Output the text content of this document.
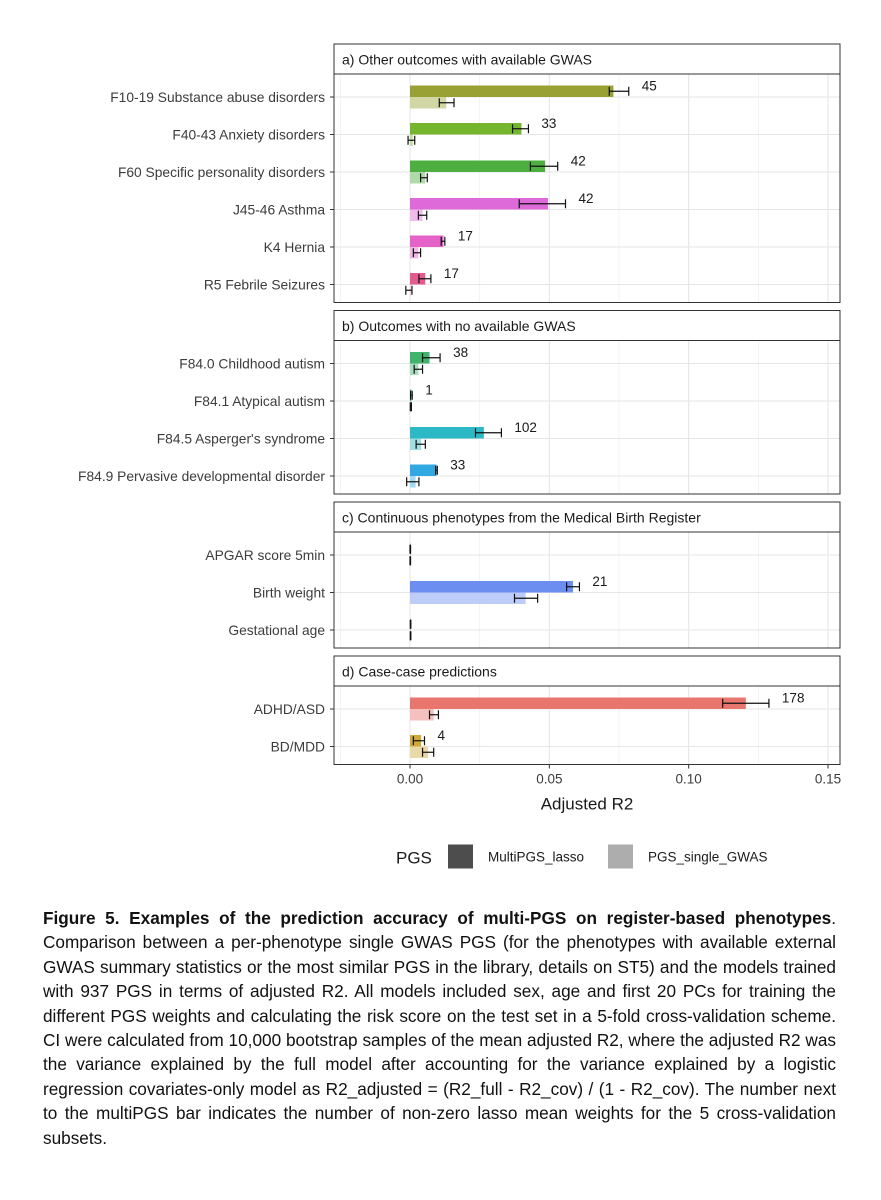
a) Other outcomes with available GWAS
45
F10-19 Substance abuse disorders
33
F40-43 Anxiety disorders
42
F60 Specific personality disorders
42
J45-46 Asthma
17
K4 Hernia
17
R5 Febrile Seizures
b) Outcomes with no available GWAS
38
F84.0 Childhood autism
1
F84.1 Atypical autism
102
F84.5 Asperger's syndrome
33
F84.9 Pervasive developmental disorder
c) Continuous phenotypes from the Medical Birth Register
APGAR score 5min
21
Birth weight
Gestational age
d) Case-case predictions
178
ADHD/ASD
4
BD/MDD
0.00	0.05	0.10	0.15
Adjusted R2
PGS	MultiPGS_lasso	PGS_single_GWAS
Figure 5. Examples of the prediction accuracy of multi-PGS on register-based phenotypes. Comparison between a per-phenotype single GWAS PGS (for the phenotypes with available external GWAS summary statistics or the most similar PGS in the library, details on ST5) and the models trained with 937 PGS in terms of adjusted R2. All models included sex, age and first 20 PCs for training the different PGS weights and calculating the risk score on the test set in a 5-fold cross-validation scheme. CI were calculated from 10,000 bootstrap samples of the mean adjusted R2, where the adjusted R2 was the variance explained by the full model after accounting for the variance explained by a logistic regression covariates-only model as R2_adjusted = (R2_full - R2_cov) / (1 - R2_cov). The number next to the multiPGS bar indicates the number of non-zero lasso mean weights for the 5 cross-validation subsets.
